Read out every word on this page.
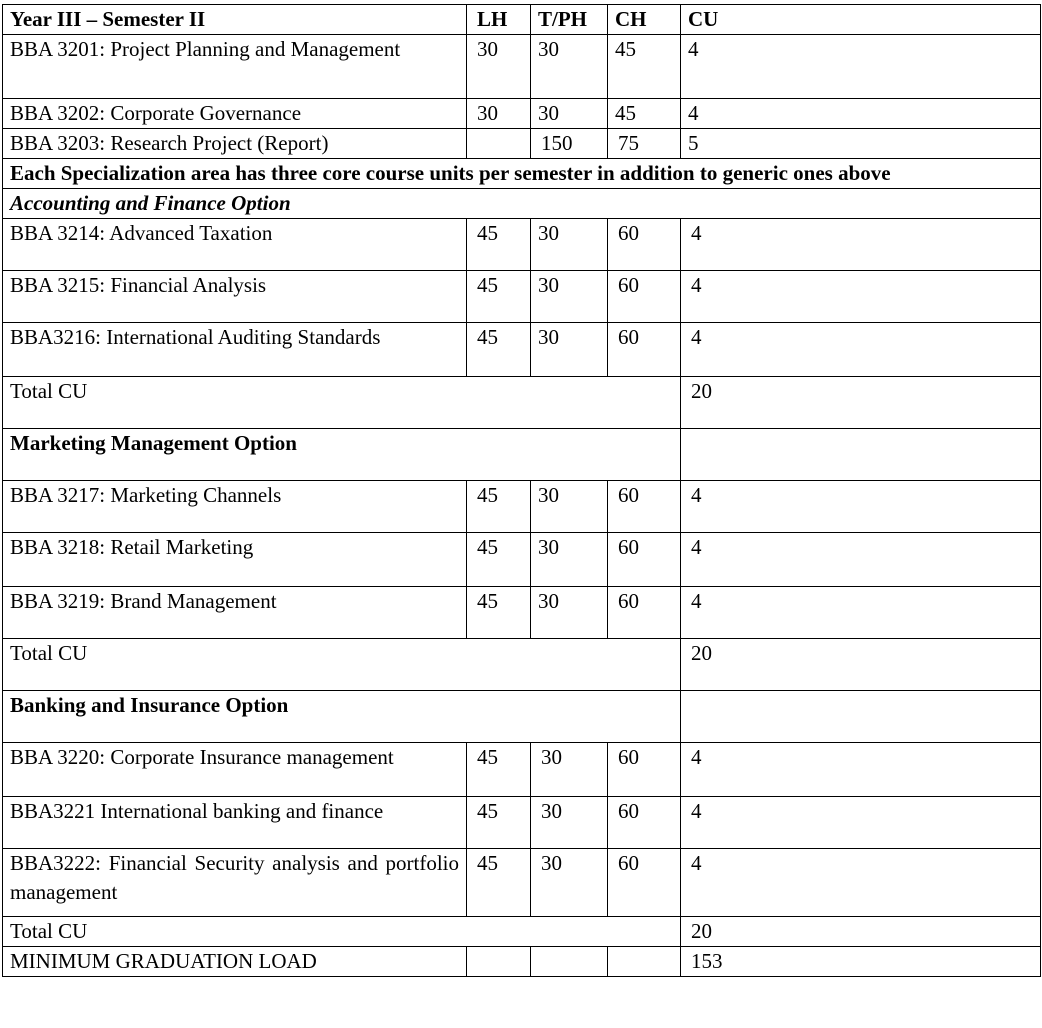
Year III – Semester II	LH	T/PH	CH	CU
BBA 3201: Project Planning and Management	30	30	45	4
BBA 3202: Corporate Governance	30	30	45	4
BBA 3203: Research Project (Report)		150	75	5
Each Specialization area has three core course units per semester in addition to generic ones above				
Accounting and Finance Option				
BBA 3214: Advanced Taxation	45	30	60	4
BBA 3215: Financial Analysis	45	30	60	4
BBA3216: International Auditing Standards	45	30	60	4
Total CU				20
Marketing Management Option				
BBA 3217: Marketing Channels	45	30	60	4
BBA 3218: Retail Marketing	45	30	60	4
BBA 3219: Brand Management	45	30	60	4
Total CU				20
Banking and Insurance Option				
BBA 3220: Corporate Insurance management	45	30	60	4
BBA3221 International banking and finance	45	30	60	4
BBA3222: Financial Security analysis and portfolio management	45	30	60	4
Total CU				20
MINIMUM GRADUATION LOAD				153
